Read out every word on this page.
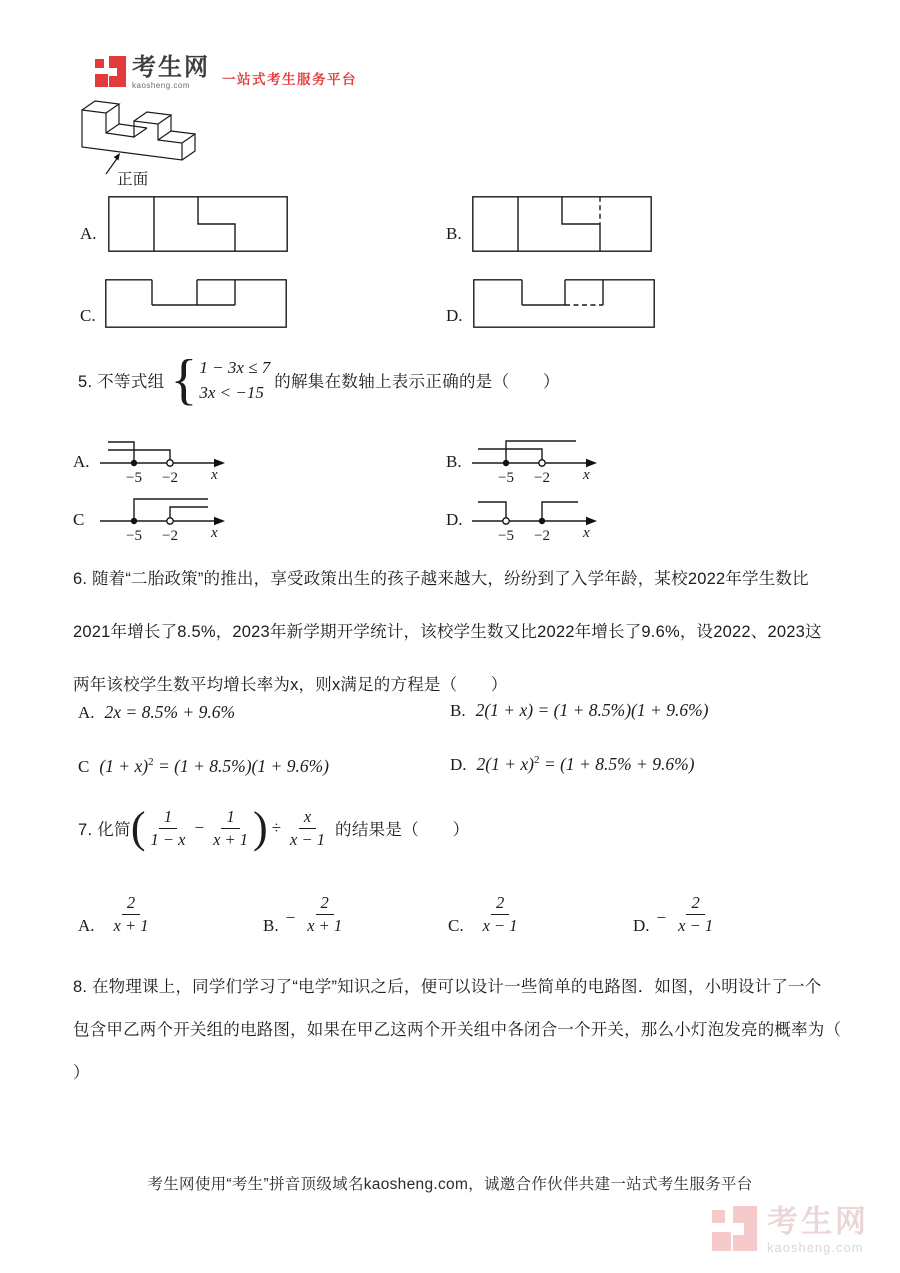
考生网
kaosheng.com	一站式考生服务平台
正面
A.	B.
C.	D.
5. 不等式组 { 1 − 3x ≤ 7
3x < −15
的解集在数轴上表示正确的是（　　）
A.
−5 −2 x
B.
−5 −2 x
C
−5 −2 x
D.
−5 −2 x
6. 随着“二胎政策”的推出，享受政策出生的孩子越来越大，纷纷到了入学年龄，某校2022年学生数比
2021年增长了8.5%，2023年新学期开学统计，该校学生数又比2022年增长了9.6%，设2022、2023这
两年该校学生数平均增长率为x，则x满足的方程是（　　）
A. 2x = 8.5% + 9.6%	B. 2(1 + x) = (1 + 8.5%)(1 + 9.6%)
C $(1 + x)^2 = (1 + 8.5\%)(1 + 9.6\%)$	D. $2(1 + x)^2 = (1 + 8.5\% + 9.6\%)$
7. 化简 ( $\frac{1}{1 - x} - \frac{1}{x + 1}$ ) ÷ $\frac{x}{x - 1}$ 的结果是（　　）
A. $\frac{2}{x + 1}$	B. − $\frac{2}{x + 1}$	C. $\frac{2}{x - 1}$	D. − $\frac{2}{x - 1}$
8. 在物理课上，同学们学习了“电学”知识之后，便可以设计一些简单的电路图．如图，小明设计了一个
包含甲乙两个开关组的电路图，如果在甲乙这两个开关组中各闭合一个开关，那么小灯泡发亮的概率为（
）
考生网使用“考生”拼音顶级域名kaosheng.com，诚邀合作伙伴共建一站式考生服务平台
考生网
kaosheng.com
